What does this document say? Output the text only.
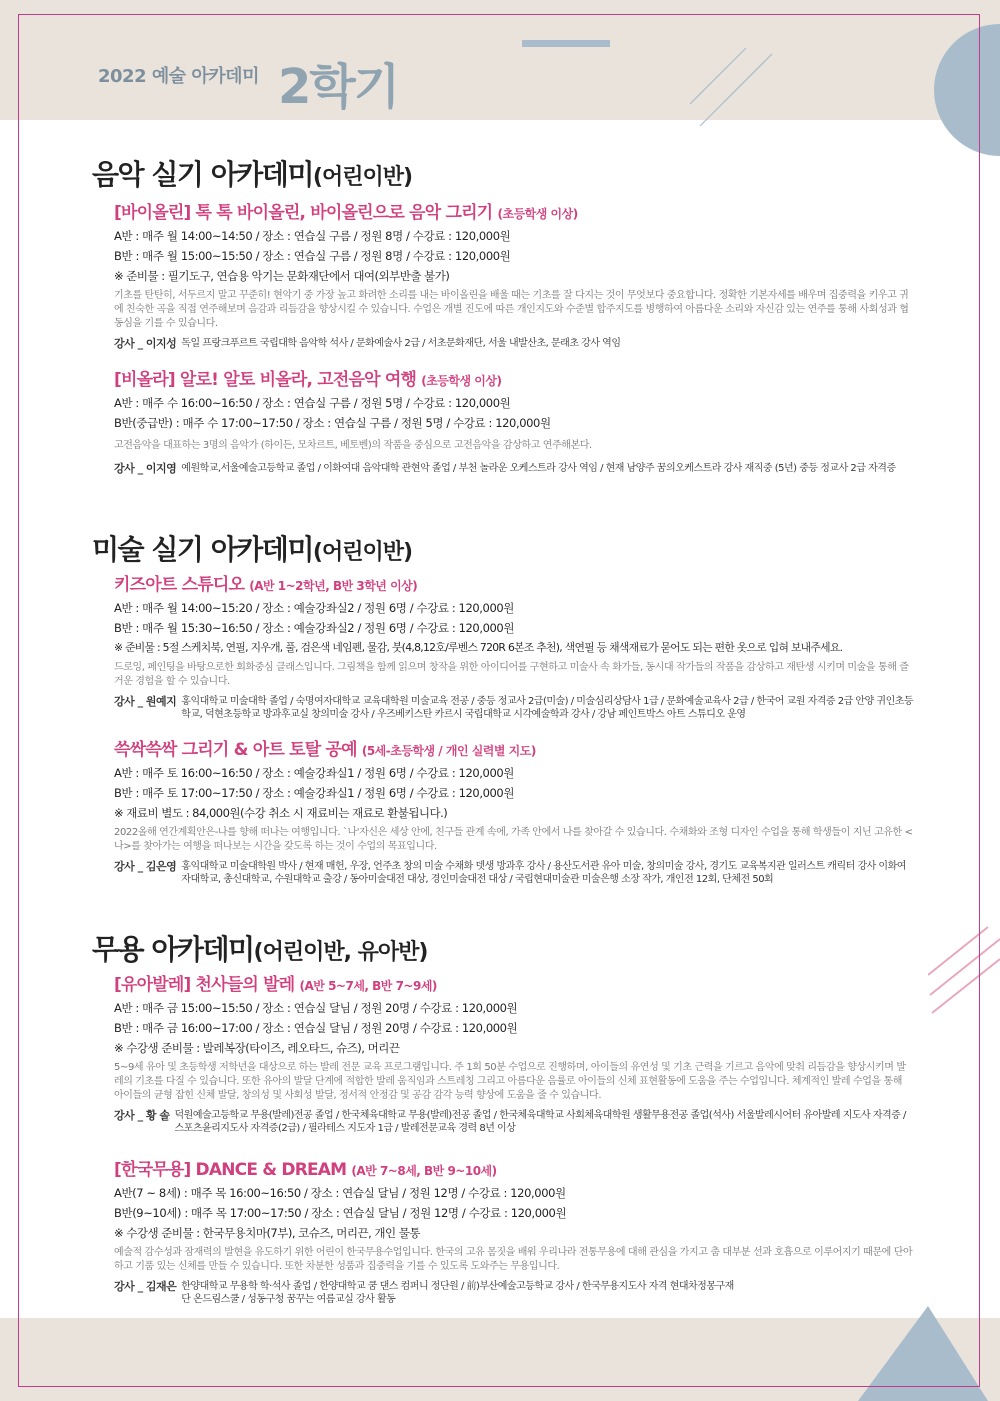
2022 예술 아카데미 2학기
음악 실기 아카데미(어린이반)
[바이올린] 톡 톡 바이올린, 바이올린으로 음악 그리기 (초등학생 이상)
A반 : 매주 월 14:00~14:50 / 장소 : 연습실 구름 / 정원 8명 / 수강료 : 120,000원
B반 : 매주 월 15:00~15:50 / 장소 : 연습실 구름 / 정원 8명 / 수강료 : 120,000원
※ 준비물 : 필기도구, 연습용 악기는 문화재단에서 대여(외부반출 불가)
기초를 탄탄히, 서두르지 말고 꾸준히! 현악기 중 가장 높고 화려한 소리를 내는 바이올린을 배울 때는 기초를 잘 다지는 것이 무엇보다 중요합니다. 정확한 기본자세를 배우며 집중력을 키우고 귀에 친숙한 곡을 직접 연주해보며 음감과 리듬감을 향상시킬 수 있습니다. 수업은 개별 진도에 따른 개인지도와 수준별 합주지도를 병행하여 아름다운 소리와 자신감 있는 연주를 통해 사회성과 협동심을 기를 수 있습니다.
강사 _ 이지성 독일 프랑크푸르트 국립대학 음악학 석사 / 문화예술사 2급 / 서초문화재단, 서울 내발산초, 문래초 강사 역임
[비올라] 알로! 알토 비올라, 고전음악 여행 (초등학생 이상)
A반 : 매주 수 16:00~16:50 / 장소 : 연습실 구름 / 정원 5명 / 수강료 : 120,000원
B반(중급반) : 매주 수 17:00~17:50 / 장소 : 연습실 구름 / 정원 5명 / 수강료 : 120,000원
고전음악을 대표하는 3명의 음악가 (하이든, 모차르트, 베토벤)의 작품을 중심으로 고전음악을 감상하고 연주해본다.
강사 _ 이지영 예원학교,서울예술고등학교 졸업 / 이화여대 음악대학 관현악 졸업 / 부천 놀라운 오케스트라 강사 역임 / 현재 남양주 꿈의오케스트라 강사 재직중 (5년) 중등 정교사 2급 자격증
미술 실기 아카데미(어린이반)
키즈아트 스튜디오 (A반 1~2학년, B반 3학년 이상)
A반 : 매주 월 14:00~15:20 / 장소 : 예술강좌실2 / 정원 6명 / 수강료 : 120,000원
B반 : 매주 월 15:30~16:50 / 장소 : 예술강좌실2 / 정원 6명 / 수강료 : 120,000원
※ 준비물 : 5절 스케치북, 연필, 지우개, 풀, 검은색 네임펜, 물감, 붓(4,8,12호/루벤스 720R 6본조 추천), 색연필 등 채색재료가 묻어도 되는 편한 옷으로 입혀 보내주세요.
드로잉, 페인팅을 바탕으로한 회화중심 클래스입니다. 그림책을 함께 읽으며 창작을 위한 아이디어를 구현하고 미술사 속 화가들, 동시대 작가들의 작품을 감상하고 재탄생 시키며 미술을 통해 즐거운 경험을 할 수 있습니다.
강사 _ 원예지 홍익대학교 미술대학 졸업 / 숙명여자대학교 교육대학원 미술교육 전공 / 중등 정교사 2급(미술) / 미술심리상담사 1급 / 문화예술교육사 2급 / 한국어 교원 자격증 2급 안양 귀인초등학교, 덕현초등학교 방과후교실 창의미술 강사 / 우즈베키스탄 카르시 국립대학교 시각예술학과 강사 / 강남 페인트박스 아트 스튜디오 운영
쓱싹쓱싹 그리기 & 아트 토탈 공예 (5세-초등학생 / 개인 실력별 지도)
A반 : 매주 토 16:00~16:50 / 장소 : 예술강좌실1 / 정원 6명 / 수강료 : 120,000원
B반 : 매주 토 17:00~17:50 / 장소 : 예술강좌실1 / 정원 6명 / 수강료 : 120,000원
※ 재료비 별도 : 84,000원(수강 취소 시 재료비는 재료로 환불됩니다.)
2022올해 연간계획안은-나를 향해 떠나는 여행입니다. `나'자신은 세상 안에, 친구들 관계 속에, 가족 안에서 나를 찾아갈 수 있습니다. 수채화와 조형 디자인 수업을 통해 학생들이 지닌 고유한 <나>를 찾아가는 여행을 떠나보는 시간을 갖도록 하는 것이 수업의 목표입니다.
강사 _ 김은영 홍익대학교 미술대학원 박사 / 현재 매헌, 우장, 언주초 창의 미술 수채화 뎃생 방과후 강사 / 용산도서관 유아 미술, 창의미술 강사, 경기도 교육복지관 일러스트 캐릭터 강사 이화여자대학교, 총신대학교, 수원대학교 출강 / 동아미술대전 대상, 경인미술대전 대상 / 국립현대미술관 미술은행 소장 작가, 개인전 12회, 단체전 50회
무용 아카데미(어린이반, 유아반)
[유아발레] 천사들의 발레 (A반 5~7세, B반 7~9세)
A반 : 매주 금 15:00~15:50 / 장소 : 연습실 달님 / 정원 20명 / 수강료 : 120,000원
B반 : 매주 금 16:00~17:00 / 장소 : 연습실 달님 / 정원 20명 / 수강료 : 120,000원
※ 수강생 준비물 : 발레복장(타이즈, 레오타드, 슈즈), 머리끈
5~9세 유아 및 초등학생 저학년을 대상으로 하는 발레 전문 교육 프로그램입니다. 주 1회 50분 수업으로 진행하며, 아이들의 유연성 및 기초 근력을 기르고 음악에 맞춰 리듬감을 향상시키며 발레의 기초를 다질 수 있습니다. 또한 유아의 발달 단계에 적합한 발레 움직임과 스트레칭 그리고 아름다운 음률로 아이들의 신체 표현활동에 도움을 주는 수업입니다. 체계적인 발레 수업을 통해 아이들의 균형 잡힌 신체 발달, 창의성 및 사회성 발달, 정서적 안정감 및 공감 감각 능력 향상에 도움을 줄 수 있습니다.
강사 _ 황 솔 덕원예술고등학교 무용(발레)전공 졸업 / 한국체육대학교 무용(발레)전공 졸업 / 한국체육대학교 사회체육대학원 생활무용전공 졸업(석사) 서울발레시어터 유아발레 지도사 자격증 / 스포츠윤리지도사 자격증(2급) / 필라테스 지도자 1급 / 발레전문교육 경력 8년 이상
[한국무용] DANCE & DREAM (A반 7~8세, B반 9~10세)
A반(7 ~ 8세) : 매주 목 16:00~16:50 / 장소 : 연습실 달님 / 정원 12명 / 수강료 : 120,000원
B반(9~10세) : 매주 목 17:00~17:50 / 장소 : 연습실 달님 / 정원 12명 / 수강료 : 120,000원
※ 수강생 준비물 : 한국무용치마(7부), 코슈즈, 머리끈, 개인 물통
예술적 감수성과 잠재력의 발현을 유도하기 위한 어린이 한국무용수업입니다. 한국의 고유 몸짓을 배워 우리나라 전통무용에 대해 관심을 가지고 춤 대부분 선과 호흡으로 이루어지기 때문에 단아하고 기품 있는 신체를 만들 수 있습니다. 또한 차분한 성품과 집중력을 기를 수 있도록 도와주는 무용입니다.
강사 _ 김재은 한양대학교 무용학 학·석사 졸업 / 한양대학교 쿰 댄스 컴퍼니 정단원 / 前)부산예술고등학교 강사 / 한국무용지도사 자격 현대차정몽구재단 온드림스쿨 / 성동구청 꿈꾸는 여름교실 강사 활동
